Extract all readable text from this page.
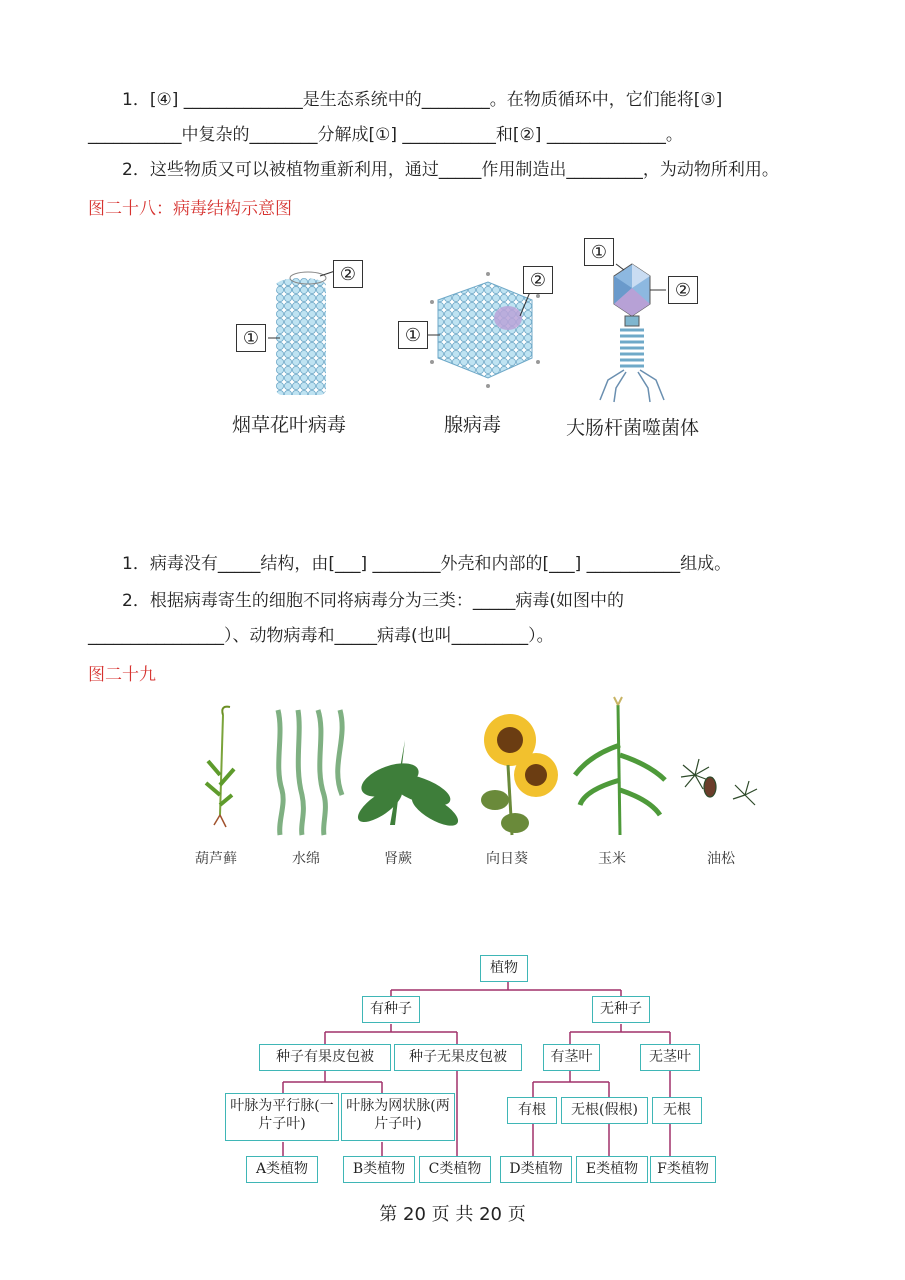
1．[④] ______________是生态系统中的________。在物质循环中，它们能将[③]
___________中复杂的________分解成[①] ___________和[②] ______________。
2．这些物质又可以被植物重新利用，通过_____作用制造出_________，为动物所利用。
图二十八：病毒结构示意图
②
①
②
①
①
②
烟草花叶病毒	腺病毒	大肠杆菌噬菌体
1．病毒没有_____结构，由[___] ________外壳和内部的[___] ___________组成。
2．根据病毒寄生的细胞不同将病毒分为三类：_____病毒(如图中的
________________）、动物病毒和_____病毒(也叫_________）。
图二十九
葫芦藓	水绵	肾蕨	向日葵	玉米	油松
植物
有种子	无种子
种子有果皮包被	种子无果皮包被	有茎叶	无茎叶
叶脉为平行脉(一片子叶)
叶脉为网状脉(两片子叶)
有根	无根(假根)	无根
A类植物	B类植物	C类植物	D类植物	E类植物	F类植物
第 20 页 共 20 页
